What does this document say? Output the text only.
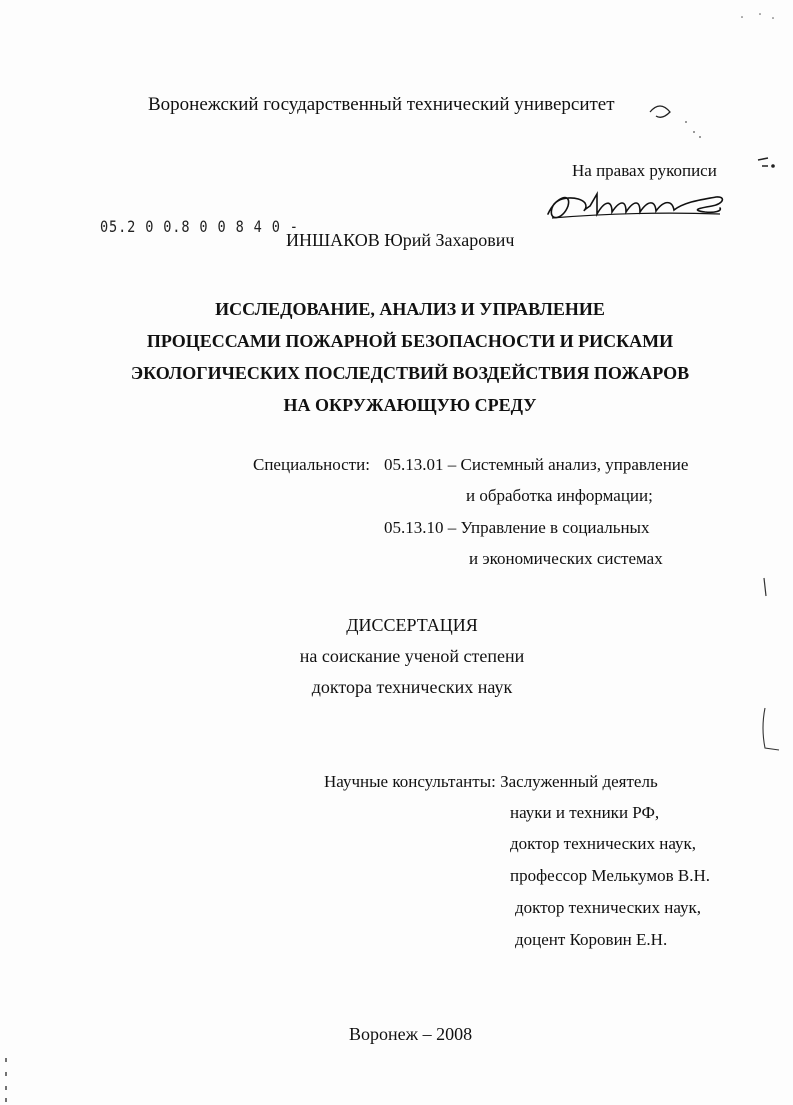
Воронежский государственный технический университет
На правах рукописи
05.2 0 0.8 0 0 8 4 0 -
ИНШАКОВ Юрий Захарович
ИССЛЕДОВАНИЕ, АНАЛИЗ И УПРАВЛЕНИЕ
ПРОЦЕССАМИ ПОЖАРНОЙ БЕЗОПАСНОСТИ И РИСКАМИ
ЭКОЛОГИЧЕСКИХ ПОСЛЕДСТВИЙ ВОЗДЕЙСТВИЯ ПОЖАРОВ
НА ОКРУЖАЮЩУЮ СРЕДУ
Специальности: 05.13.01 – Системный анализ, управление
и обработка информации;
05.13.10 – Управление в социальных
и экономических системах
ДИССЕРТАЦИЯ
на соискание ученой степени
доктора технических наук
Научные консультанты: Заслуженный деятель
науки и техники РФ,
доктор технических наук,
профессор Мелькумов В.Н.
доктор технических наук,
доцент Коровин Е.Н.
Воронеж – 2008
